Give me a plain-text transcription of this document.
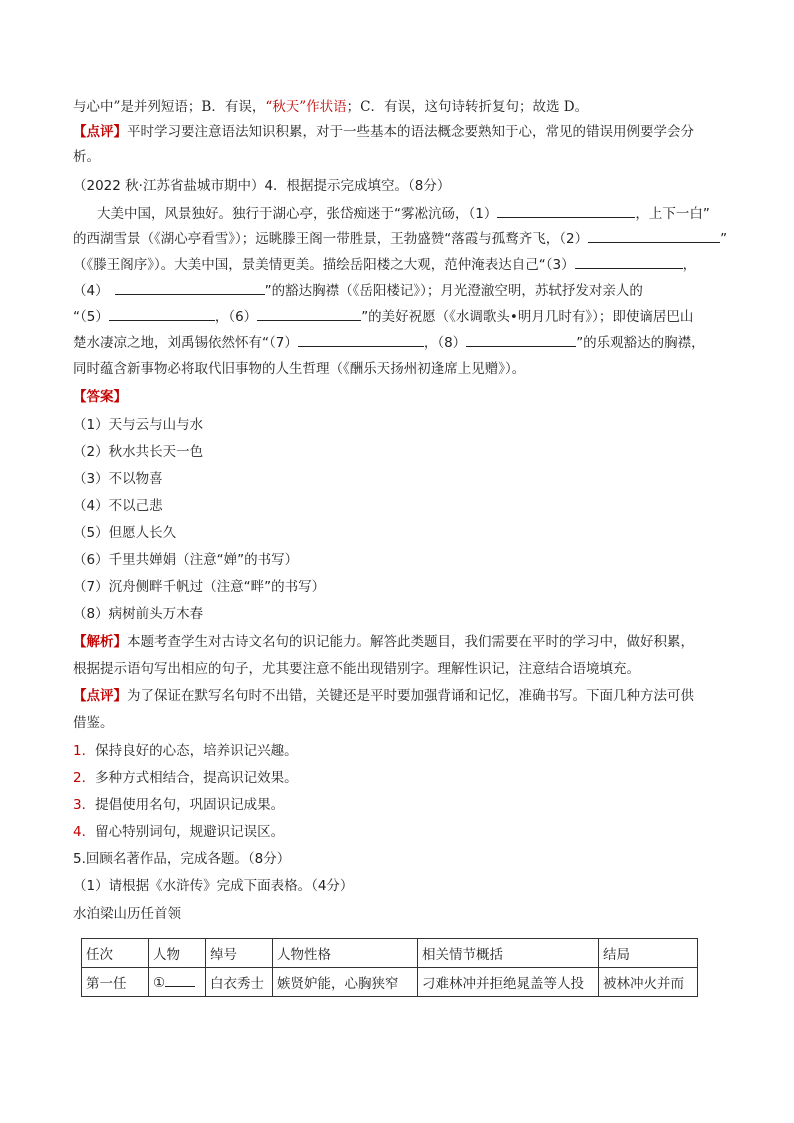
与心中”是并列短语；B．有误，“秋天”作状语；C．有误，这句诗转折复句；故选 D。
【点评】平时学习要注意语法知识积累，对于一些基本的语法概念要熟知于心，常见的错误用例要学会分
析。
（2022 秋·江苏省盐城市期中）4．根据提示完成填空。（8分）
大美中国，风景独好。独行于湖心亭，张岱痴迷于“雾凇沆砀，（1）	，上下一白”
的西湖雪景（《湖心亭看雪》）；远眺滕王阁一带胜景，王勃盛赞“落霞与孤鹜齐飞，（2）	”
（《滕王阁序》）。大美中国，景美情更美。描绘岳阳楼之大观，范仲淹表达自己“（3）	，
（4）	”的豁达胸襟（《岳阳楼记》）；月光澄澈空明，苏轼抒发对亲人的
“（5）	，（6）	”的美好祝愿（《水调歌头•明月几时有》）；即使谪居巴山
楚水凄凉之地，刘禹锡依然怀有“（7）	，（8）	”的乐观豁达的胸襟，
同时蕴含新事物必将取代旧事物的人生哲理（《酬乐天扬州初逢席上见赠》）。
【答案】
（1）天与云与山与水
（2）秋水共长天一色
（3）不以物喜
（4）不以己悲
（5）但愿人长久
（6）千里共婵娟（注意“婵”的书写）
（7）沉舟侧畔千帆过（注意“畔”的书写）
（8）病树前头万木春
【解析】本题考查学生对古诗文名句的识记能力。解答此类题目，我们需要在平时的学习中，做好积累，
根据提示语句写出相应的句子，尤其要注意不能出现错别字。理解性识记，注意结合语境填充。
【点评】为了保证在默写名句时不出错，关键还是平时要加强背诵和记忆，准确书写。下面几种方法可供
借鉴。
1．保持良好的心态，培养识记兴趣。
2．多种方式相结合，提高识记效果。
3．提倡使用名句，巩固识记成果。
4．留心特别词句，规避识记误区。
5.回顾名著作品，完成各题。（8分）
（1）请根据《水浒传》完成下面表格。（4分）
水泊梁山历任首领
任次	人物	绰号	人物性格	相关情节概括	结局
第一任	①	白衣秀士	嫉贤妒能，心胸狭窄	刁难林冲并拒绝晁盖等人投	被林冲火并而
